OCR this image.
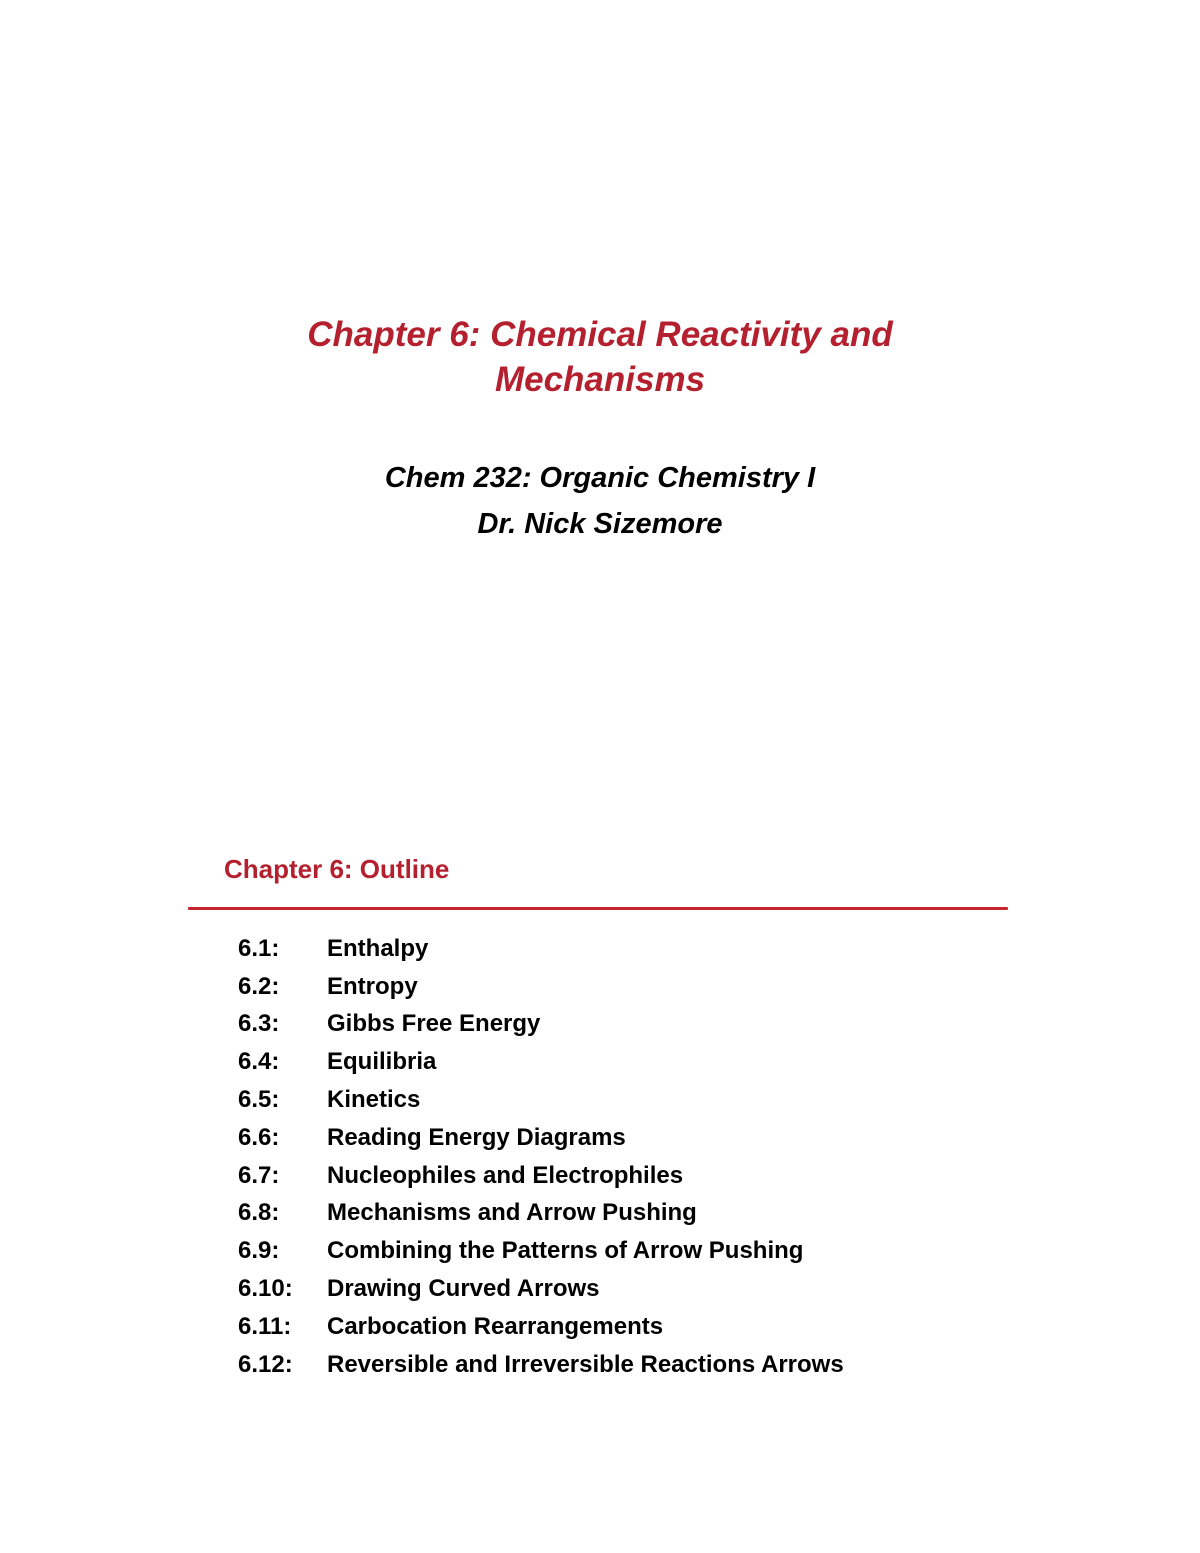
Chapter 6: Chemical Reactivity and
Mechanisms
Chem 232: Organic Chemistry I
Dr. Nick Sizemore
Chapter 6: Outline
6.1:	Enthalpy
6.2:	Entropy
6.3:	Gibbs Free Energy
6.4:	Equilibria
6.5:	Kinetics
6.6:	Reading Energy Diagrams
6.7:	Nucleophiles and Electrophiles
6.8:	Mechanisms and Arrow Pushing
6.9:	Combining the Patterns of Arrow Pushing
6.10:	Drawing Curved Arrows
6.11:	Carbocation Rearrangements
6.12:	Reversible and Irreversible Reactions Arrows
